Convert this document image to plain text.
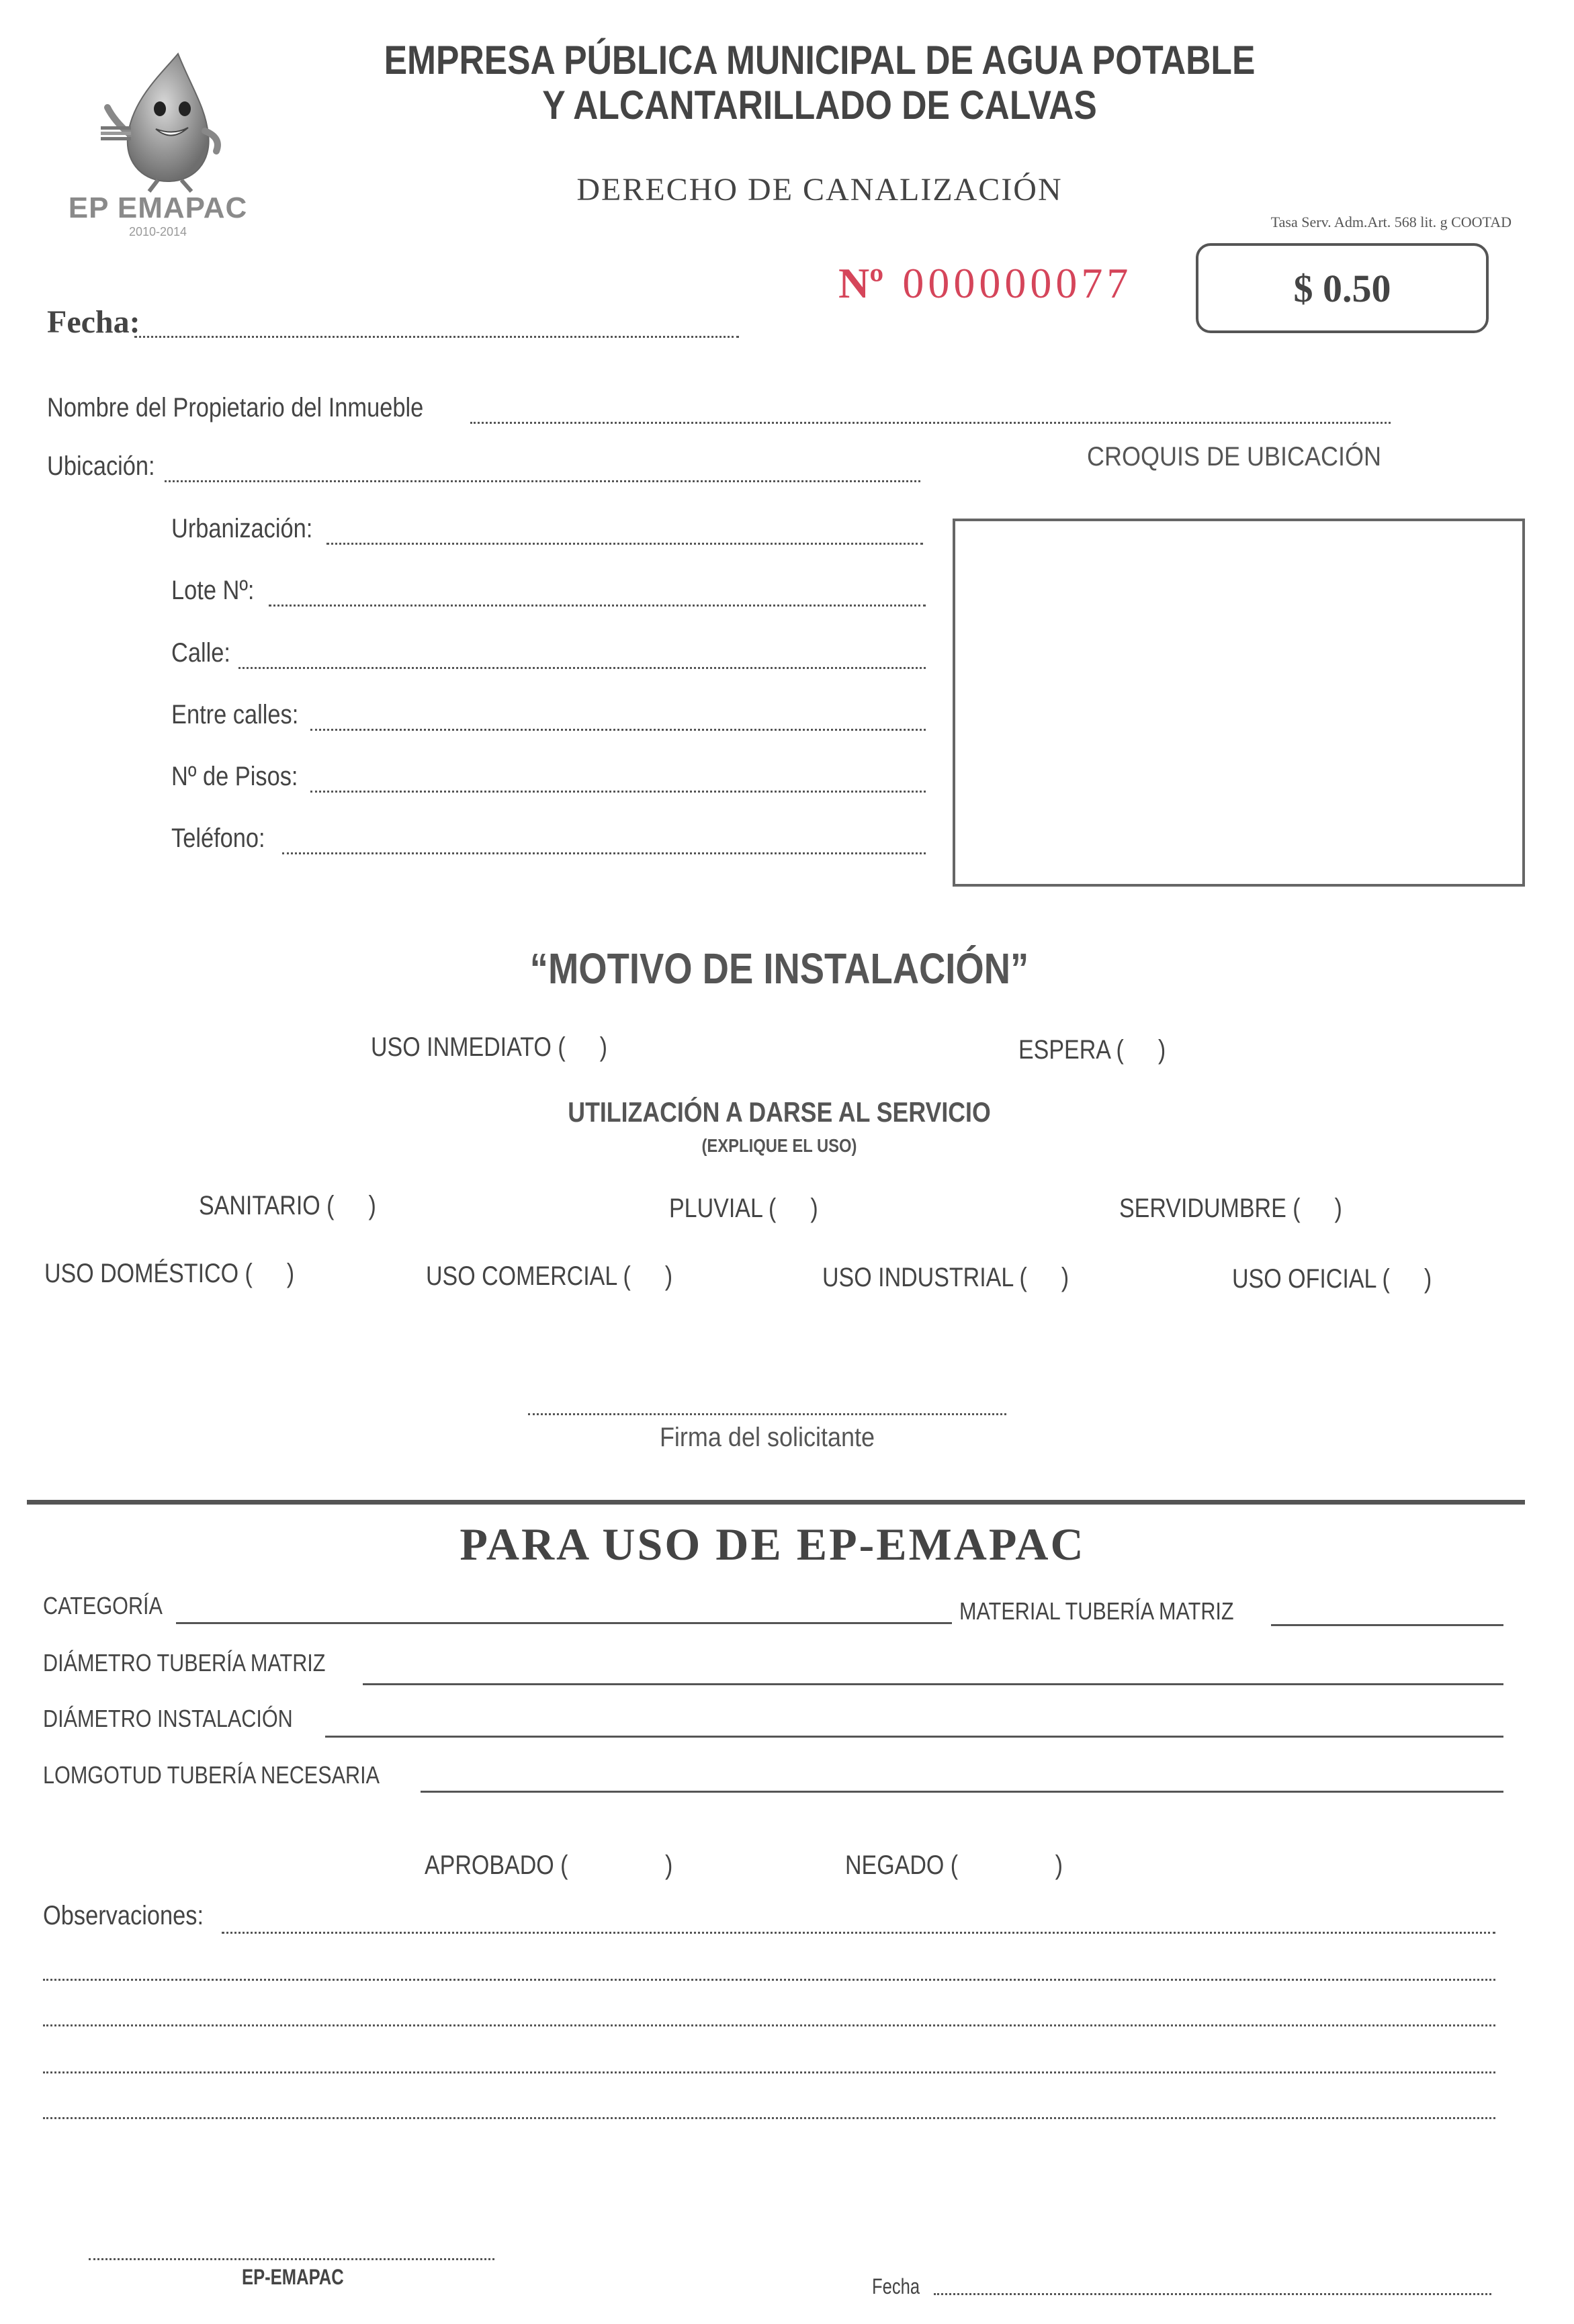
EP EMAPAC
2010-2014
EMPRESA PÚBLICA MUNICIPAL DE AGUA POTABLE
Y ALCANTARILLADO DE CALVAS
DERECHO DE CANALIZACIÓN
Tasa Serv. Adm.Art. 568 lit. g COOTAD
Nº 000000077	$ 0.50
Fecha:
Nombre del Propietario del Inmueble
Ubicación:	CROQUIS DE UBICACIÓN
Urbanización:
Lote Nº:
Calle:
Entre calles:
Nº de Pisos:
Teléfono:
“MOTIVO DE INSTALACIÓN”
USO INMEDIATO ( )	ESPERA ( )
UTILIZACIÓN A DARSE AL SERVICIO
(EXPLIQUE EL USO)
SANITARIO ( )	PLUVIAL ( )	SERVIDUMBRE ( )
USO DOMÉSTICO ( )	USO COMERCIAL ( )	USO INDUSTRIAL ( )	USO OFICIAL ( )
Firma del solicitante
PARA USO DE EP-EMAPAC
CATEGORÍA	MATERIAL TUBERÍA MATRIZ
DIÁMETRO TUBERÍA MATRIZ
DIÁMETRO INSTALACIÓN
LOMGOTUD TUBERÍA NECESARIA
APROBADO (	)	NEGADO (	)
Observaciones:
EP-EMAPAC	Fecha
